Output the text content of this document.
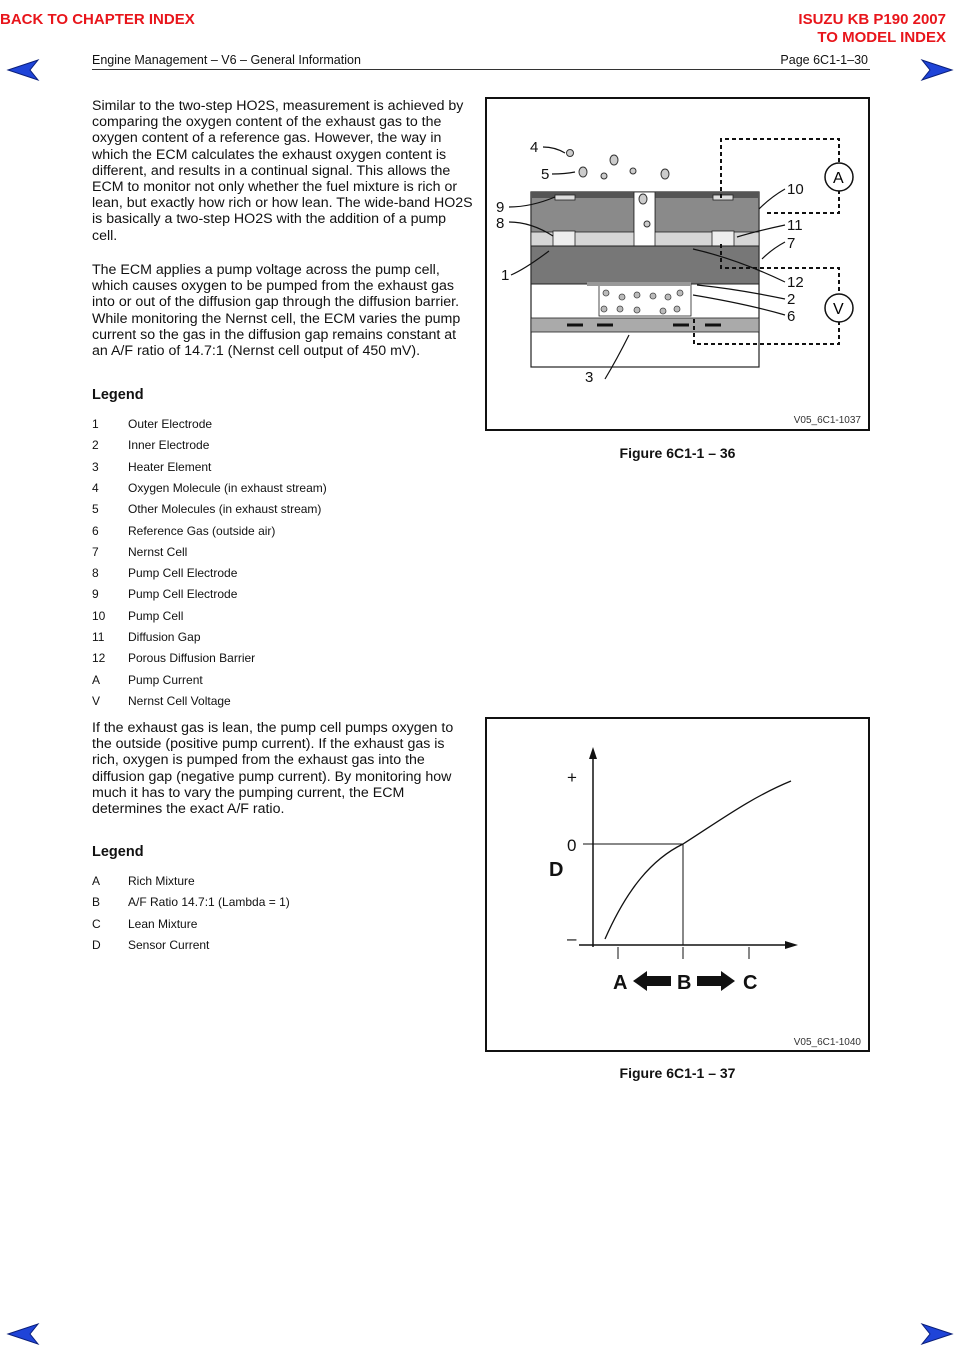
BACK TO CHAPTER INDEX	ISUZU KB P190 2007
TO MODEL INDEX
Engine Management – V6 – General Information	Page 6C1-1–30
Similar to the two-step HO2S, measurement is achieved by comparing the oxygen content of the exhaust gas to the oxygen content of a reference gas. However, the way in which the ECM calculates the exhaust oxygen content is different, and results in a continual signal. This allows the ECM to monitor not only whether the fuel mixture is rich or lean, but exactly how rich or how lean. The wide-band HO2S is basically a two-step HO2S with the addition of a pump cell.
The ECM applies a pump voltage across the pump cell, which causes oxygen to be pumped from the exhaust gas into or out of the diffusion gap through the diffusion barrier. While monitoring the Nernst cell, the ECM varies the pump current so the gas in the diffusion gap remains constant at an A/F ratio of 14.7:1 (Nernst cell output of 450 mV).
Legend
1 Outer Electrode
2 Inner Electrode
3 Heater Element
4 Oxygen Molecule (in exhaust stream)
5 Other Molecules (in exhaust stream)
6 Reference Gas (outside air)
7 Nernst Cell
8 Pump Cell Electrode
9 Pump Cell Electrode
10 Pump Cell
11 Diffusion Gap
12 Porous Diffusion Barrier
A Pump Current
V Nernst Cell Voltage
A
V
4
5
9
8
1
10
11
7
12
2
6
3
V05_6C1-1037
Figure 6C1-1 – 36
If the exhaust gas is lean, the pump cell pumps oxygen to the outside (positive pump current). If the exhaust gas is rich, oxygen is pumped from the exhaust gas into the diffusion gap (negative pump current). By monitoring how much it has to vary the pumping current, the ECM determines the exact A/F ratio.
Legend
A Rich Mixture
B A/F Ratio 14.7:1 (Lambda = 1)
C Lean Mixture
D Sensor Current
+
0
–
D
A B	C
V05_6C1-1040
Figure 6C1-1 – 37
